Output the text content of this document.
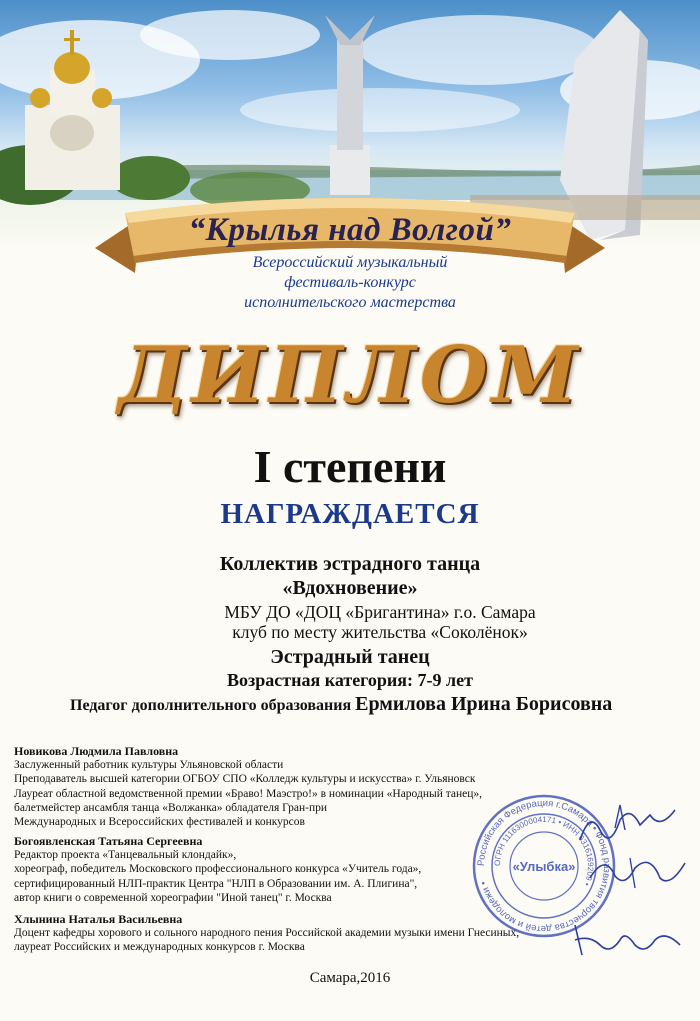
“Крылья над Волгой”
Всероссийский музыкальный
фестиваль-конкурс
исполнительского мастерства
ДИПЛОМ
I степени
НАГРАЖДАЕТСЯ
Коллектив эстрадного танца
«Вдохновение»
МБУ ДО «ДОЦ «Бригантина» г.о. Самара
клуб по месту жительства «Соколёнок»
Эстрадный танец
Возрастная категория: 7-9 лет
Педагог дополнительного образования Ермилова Ирина Борисовна
Новикова Людмила Павловна
Заслуженный работник культуры Ульяновской области
Преподаватель высшей категории ОГБОУ СПО «Колледж культуры и искусства» г. Ульяновск
Лауреат областной ведомственной премии «Браво! Маэстро!» в номинации «Народный танец»,
балетмейстер ансамбля танца «Волжанка» обладателя Гран-при
Международных и Всероссийских фестивалей и конкурсов
Богоявленская Татьяна Сергеевна
Редактор проекта «Танцевальный клондайк»,
хореограф, победитель Московского профессионального конкурса «Учитель года»,
сертифицированный НЛП-практик Центра "НЛП в Образовании им. А. Плигина",
автор книги о современной хореографии "Иной танец" г. Москва
Хлынина Наталья Васильевна
Доцент кафедры хорового и сольного народного пения Российской академии музыки имени Гнесиных,
лауреат Российских и международных конкурсов г. Москва
Российская Федерация г.Самара • Фонд развития творчества детей и молодежи •
ОГРН 1116300004171 • ИНН 6316169209 •
«Улыбка»
Самара,2016
